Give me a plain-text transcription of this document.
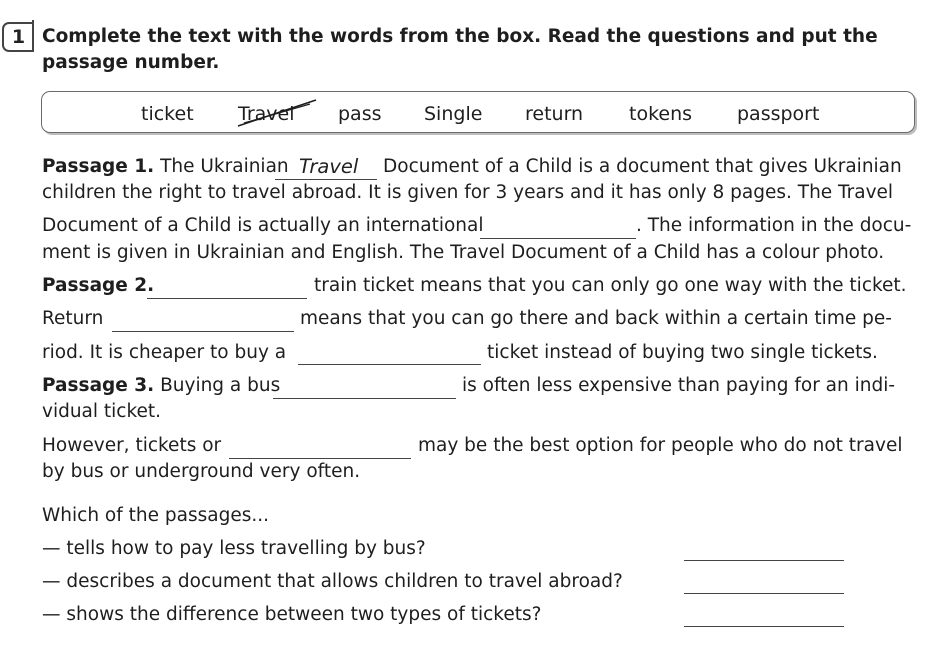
1 Complete the text with the words from the box. Read the questions and put the passage number.
ticket Travel pass Single return tokens passport
Passage 1. The Ukrainian Travel Document of a Child is a document that gives Ukrainian
children the right to travel abroad. It is given for 3 years and it has only 8 pages. The Travel
Document of a Child is actually an international	. The information in the docu-
ment is given in Ukrainian and English. The Travel Document of a Child has a colour photo.
Passage 2.	train ticket means that you can only go one way with the ticket.
Return	means that you can go there and back within a certain time pe-
riod. It is cheaper to buy a	ticket instead of buying two single tickets.
Passage 3. Buying a bus	is often less expensive than paying for an indi-
vidual ticket.
However, tickets or	may be the best option for people who do not travel
by bus or underground very often.
Which of the passages...
— tells how to pay less travelling by bus?
— describes a document that allows children to travel abroad?
— shows the difference between two types of tickets?
